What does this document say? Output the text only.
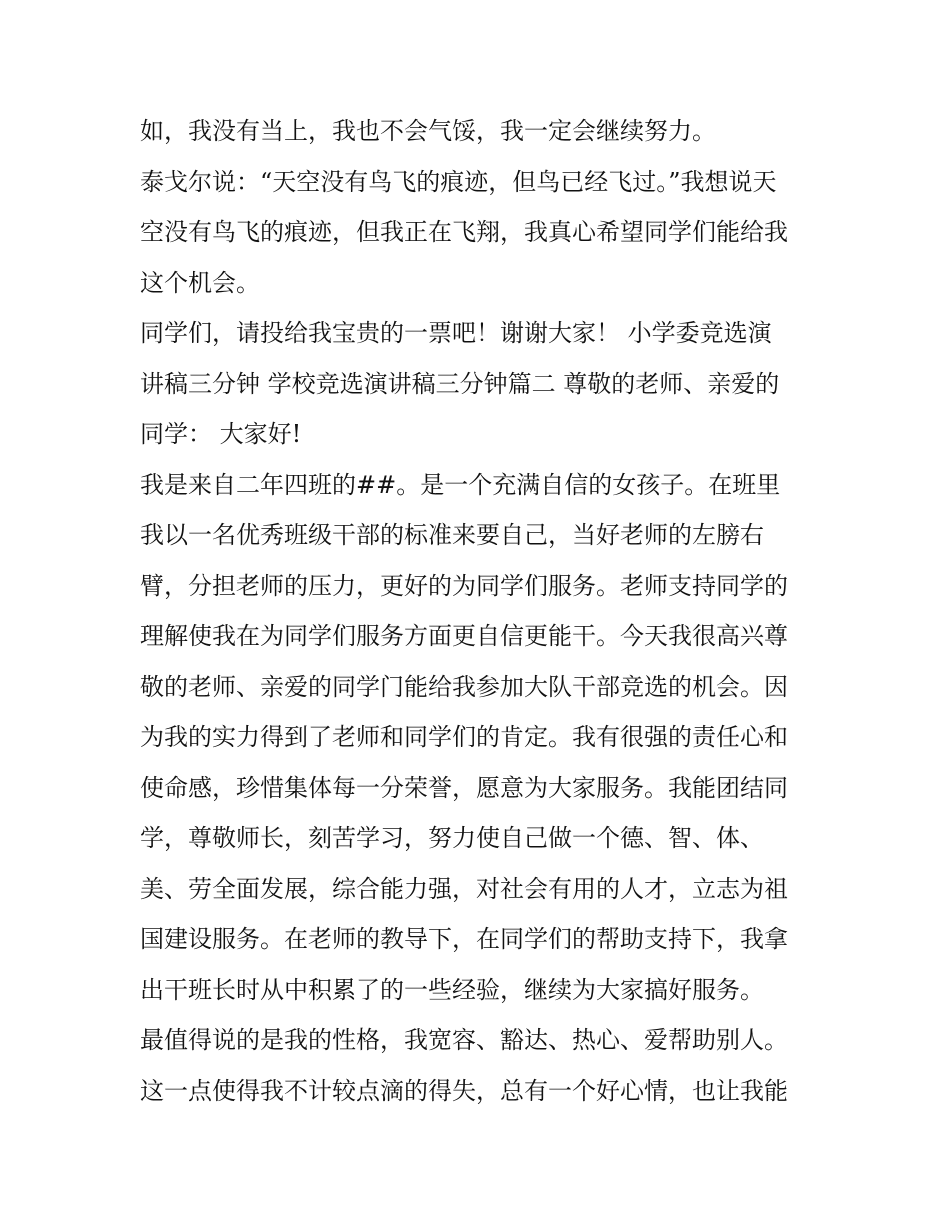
如，我没有当上，我也不会气馁，我一定会继续努力。
泰戈尔说：“天空没有鸟飞的痕迹，但鸟已经飞过。”我想说天
空没有鸟飞的痕迹，但我正在飞翔，我真心希望同学们能给我
这个机会。
同学们，请投给我宝贵的一票吧！谢谢大家！ 小学委竞选演
讲稿三分钟 学校竞选演讲稿三分钟篇二 尊敬的老师、亲爱的
同学： 大家好!
我是来自二年四班的##。是一个充满自信的女孩子。在班里
我以一名优秀班级干部的标准来要自己，当好老师的左膀右
臂，分担老师的压力，更好的为同学们服务。老师支持同学的
理解使我在为同学们服务方面更自信更能干。今天我很高兴尊
敬的老师、亲爱的同学门能给我参加大队干部竞选的机会。因
为我的实力得到了老师和同学们的肯定。我有很强的责任心和
使命感，珍惜集体每一分荣誉，愿意为大家服务。我能团结同
学，尊敬师长，刻苦学习，努力使自己做一个德、智、体、
美、劳全面发展，综合能力强，对社会有用的人才，立志为祖
国建设服务。在老师的教导下，在同学们的帮助支持下，我拿
出干班长时从中积累了的一些经验，继续为大家搞好服务。
最值得说的是我的性格，我宽容、豁达、热心、爱帮助别人。
这一点使得我不计较点滴的得失，总有一个好心情，也让我能
